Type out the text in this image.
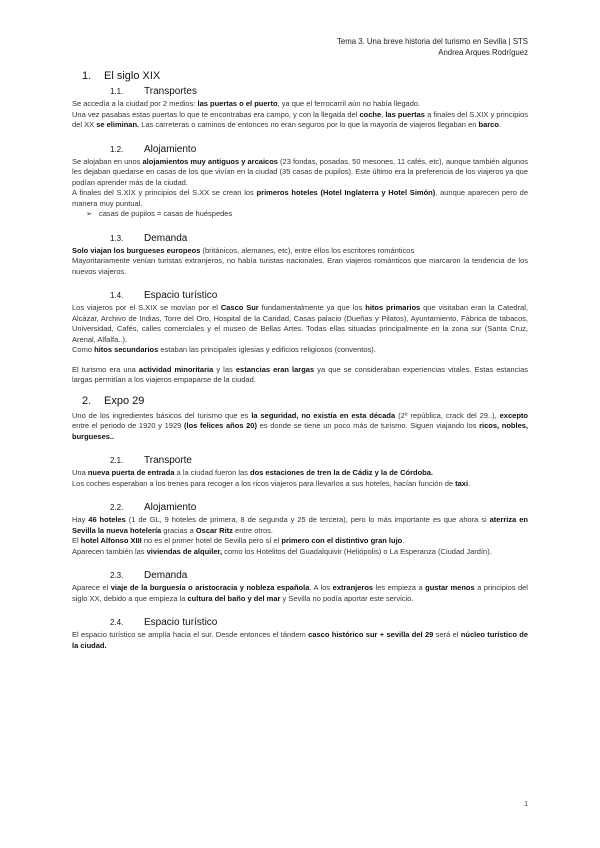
Tema 3. Una breve historia del turismo en Sevilla | STS
Andrea Arques Rodríguez
1. El siglo XIX
1.1. Transportes

Se accedía a la ciudad por 2 medios: las puertas o el puerto, ya que el ferrocarril aún no había llegado.

Una vez pasabas estas puertas lo que te encontrabas era campo, y con la llegada del coche, las puertas a finales del S.XIX y principios del XX se eliminan. Las carreteras o caminos de entonces no eran seguros por lo que la mayoría de viajeros llegaban en barco.

1.2. Alojamiento

Se alojaban en unos alojamientos muy antiguos y arcaicos (23 fondas, posadas, 50 mesones, 11 cafés, etc), aunque también algunos les dejaban quedarse en casas de los que vivían en la ciudad (35 casas de pupilos). Este último era la preferencia de los viajeros ya que podían aprender más de la ciudad.

A finales del S.XIX y principios del S.XX se crean los primeros hoteles (Hotel Inglaterra y Hotel Simón), aunque aparecen pero de manera muy puntual.

➢ casas de pupilos = casas de huéspedes

1.3. Demanda

Solo viajan los burgueses europeos (británicos, alemanes, etc), entre ellos los escritores románticos

Mayoritariamente venían turistas extranjeros, no había turistas nacionales. Eran viajeros románticos que marcaron la tendencia de los nuevos viajeros.

1.4. Espacio turístico

Los viajeros por el S.XIX se movían por el Casco Sur fundamentalmente ya que los hitos primarios que visitaban eran la Catedral, Alcázar, Archivo de Indias, Torre del Oro, Hospital de la Caridad, Casas palacio (Dueñas y Pilatos), Ayuntamiento, Fábrica de tabacos, Universidad, Cafés, calles comerciales y el museo de Bellas Artes. Todas ellas situadas principalmente en la zona sur (Santa Cruz, Arenal, Alfalfa..).

Como hitos secundarios estaban las principales iglesias y edificios religiosos (conventos).

El turismo era una actividad minoritaria y las estancias eran largas ya que se consideraban experiencias vitales. Estas estancias largas permitían a los viajeros empaparse de la ciudad.

2. Expo 29

Uno de los ingredientes básicos del turismo que es la seguridad, no existía en esta década (2º república, crack del 29..), excepto entre el periodo de 1920 y 1929 (los felices años 20) es donde se tiene un poco más de turismo. Siguen viajando los ricos, nobles, burgueses..

2.1. Transporte

Una nueva puerta de entrada a la ciudad fueron las dos estaciones de tren la de Cádiz y la de Córdoba.

Los coches esperaban a los trenes para recoger a los ricos viajeros para llevarlos a sus hoteles, hacían función de taxi.

2.2. Alojamiento

Hay 46 hoteles (1 de GL, 9 hoteles de primera, 8 de segunda y 25 de tercera), pero lo más importante es que ahora si aterriza en Sevilla la nueva hotelería gracias a Oscar Ritz entre otros.

El hotel Alfonso XIII no es el primer hotel de Sevilla pero sí el primero con el distintivo gran lujo.

Aparecen también las viviendas de alquiler, como los Hotelitos del Guadalquivir (Heliópolis) o La Esperanza (Ciudad Jardín).

2.3. Demanda

Aparece el viaje de la burguesía o aristocracia y nobleza española. A los extranjeros les empieza a gustar menos a principios del siglo XX, debido a que empieza la cultura del baño y del mar y Sevilla no podía aportar este servicio.

2.4. Espacio turístico

El espacio turístico se amplía hacia el sur. Desde entonces el tándem casco histórico sur + sevilla del 29 será el núcleo turístico de la ciudad.

1
